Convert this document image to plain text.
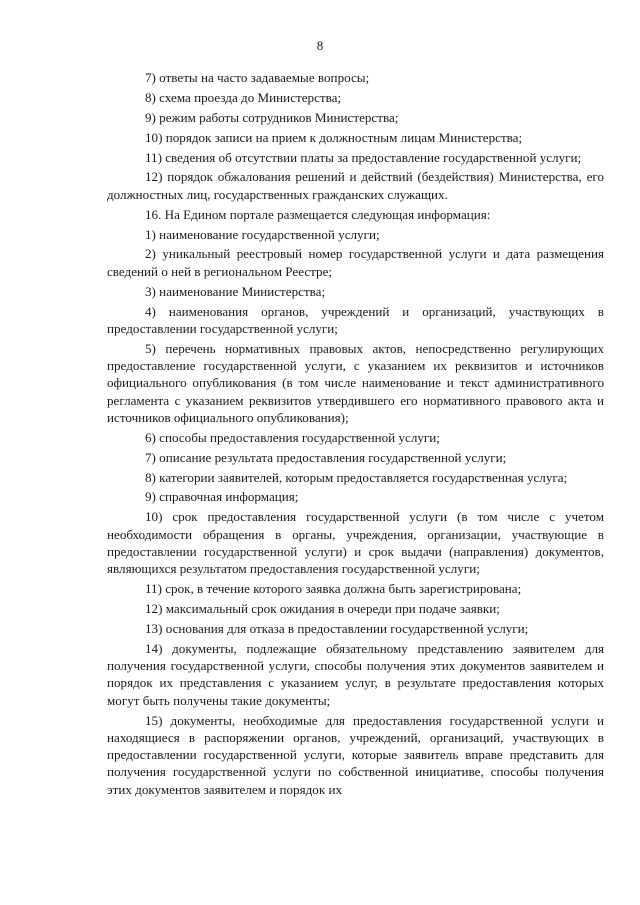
8

7) ответы на часто задаваемые вопросы;

8) схема проезда до Министерства;

9) режим работы сотрудников Министерства;

10) порядок записи на прием к должностным лицам Министерства;

11) сведения об отсутствии платы за предоставление государственной услуги;

12) порядок обжалования решений и действий (бездействия) Министерства, его должностных лиц, государственных гражданских служащих.

16. На Едином портале размещается следующая информация:

1) наименование государственной услуги;

2) уникальный реестровый номер государственной услуги и дата размещения сведений о ней в региональном Реестре;

3) наименование Министерства;

4) наименования органов, учреждений и организаций, участвующих в предоставлении государственной услуги;

5) перечень нормативных правовых актов, непосредственно регулирующих предоставление государственной услуги, с указанием их реквизитов и источников официального опубликования (в том числе наименование и текст административного регламента с указанием реквизитов утвердившего его нормативного правового акта и источников официального опубликования);

6) способы предоставления государственной услуги;

7) описание результата предоставления государственной услуги;

8) категории заявителей, которым предоставляется государственная услуга;

9) справочная информация;

10) срок предоставления государственной услуги (в том числе с учетом необходимости обращения в органы, учреждения, организации, участвующие в предоставлении государственной услуги) и срок выдачи (направления) документов, являющихся результатом предоставления государственной услуги;

11) срок, в течение которого заявка должна быть зарегистрирована;

12) максимальный срок ожидания в очереди при подаче заявки;

13) основания для отказа в предоставлении государственной услуги;

14) документы, подлежащие обязательному представлению заявителем для получения государственной услуги, способы получения этих документов заявителем и порядок их представления с указанием услуг, в результате предоставления которых могут быть получены такие документы;

15) документы, необходимые для предоставления государственной услуги и находящиеся в распоряжении органов, учреждений, организаций, участвующих в предоставлении государственной услуги, которые заявитель вправе представить для получения государственной услуги по собственной инициативе, способы получения этих документов заявителем и порядок их
